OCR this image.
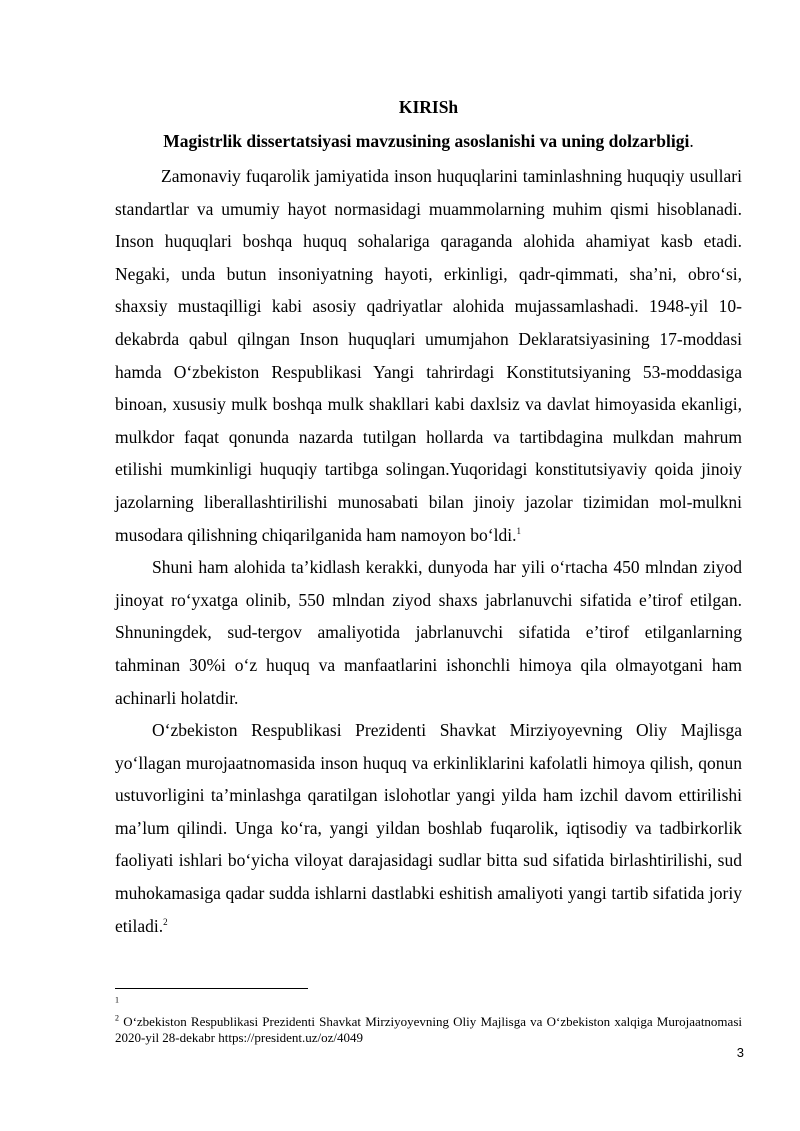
KIRISh
Magistrlik dissertatsiyasi mavzusining asoslanishi va uning dolzarbligi.

Zamonaviy fuqarolik jamiyatida inson huquqlarini taminlashning huquqiy usullari standartlar va umumiy hayot normasidagi muammolarning muhim qismi hisoblanadi. Inson huquqlari boshqa huquq sohalariga qaraganda alohida ahamiyat kasb etadi. Negaki, unda butun insoniyatning hayoti, erkinligi, qadr-qimmati, sha’ni, obro‘si, shaxsiy mustaqilligi kabi asosiy qadriyatlar alohida mujassamlashadi. 1948-yil 10-dekabrda qabul qilngan Inson huquqlari umumjahon Deklaratsiyasining 17-moddasi hamda O‘zbekiston Respublikasi Yangi tahrirdagi Konstitutsiyaning 53-moddasiga binoan, xususiy mulk boshqa mulk shakllari kabi daxlsiz va davlat himoyasida ekanligi, mulkdor faqat qonunda nazarda tutilgan hollarda va tartibdagina mulkdan mahrum etilishi mumkinligi huquqiy tartibga solingan.Yuqoridagi konstitutsiyaviy qoida jinoiy jazolarning liberallashtirilishi munosabati bilan jinoiy jazolar tizimidan mol-mulkni musodara qilishning chiqarilganida ham namoyon bo‘ldi.$^1$

Shuni ham alohida ta’kidlash kerakki, dunyoda har yili o‘rtacha 450 mlndan ziyod jinoyat ro‘yxatga olinib, 550 mlndan ziyod shaxs jabrlanuvchi sifatida e’tirof etilgan. Shnuningdek, sud-tergov amaliyotida jabrlanuvchi sifatida e’tirof etilganlarning tahminan 30%i o‘z huquq va manfaatlarini ishonchli himoya qila olmayotgani ham achinarli holatdir.

O‘zbekiston Respublikasi Prezidenti Shavkat Mirziyoyevning Oliy Majlisga yo‘llagan murojaatnomasida inson huquq va erkinliklarini kafolatli himoya qilish, qonun ustuvorligini ta’minlashga qaratilgan islohotlar yangi yilda ham izchil davom ettirilishi ma’lum qilindi. Unga ko‘ra, yangi yildan boshlab fuqarolik, iqtisodiy va tadbirkorlik faoliyati ishlari bo‘yicha viloyat darajasidagi sudlar bitta sud sifatida birlashtirilishi, sud muhokamasiga qadar sudda ishlarni dastlabki eshitish amaliyoti yangi tartib sifatida joriy etiladi.$^2$

$^1$

$^2$ O‘zbekiston Respublikasi Prezidenti Shavkat Mirziyoyevning Oliy Majlisga va O‘zbekiston xalqiga Murojaatnomasi 2020-yil 28-dekabr https://president.uz/oz/4049

3
